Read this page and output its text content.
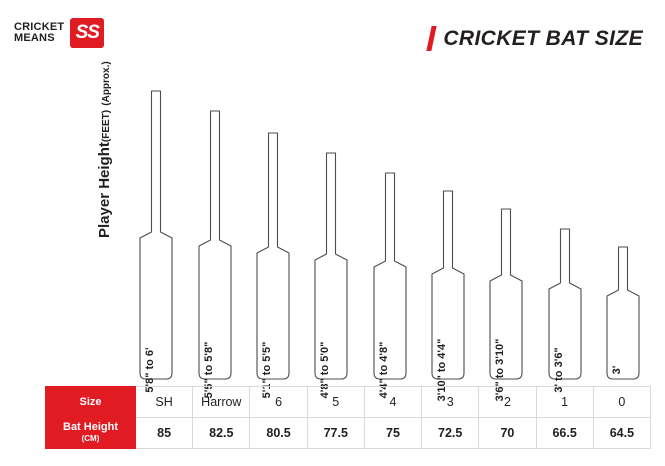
CRICKET
MEANS	SS	CRICKET BAT SIZE
Player Height(FEET) (Approx.)
5'8" to 6'	5'5" to 5'8"	5'1" to 5'5"	4'8" to 5'0"	4'4" to 4'8"	3'10" to 4'4"	3'6" to 3'10"	3' to 3'6"	3'
Size	SH	Harrow	6	5	4	3	2	1	0
Bat Height
(CM)	85	82.5	80.5	77.5	75	72.5	70	66.5	64.5
